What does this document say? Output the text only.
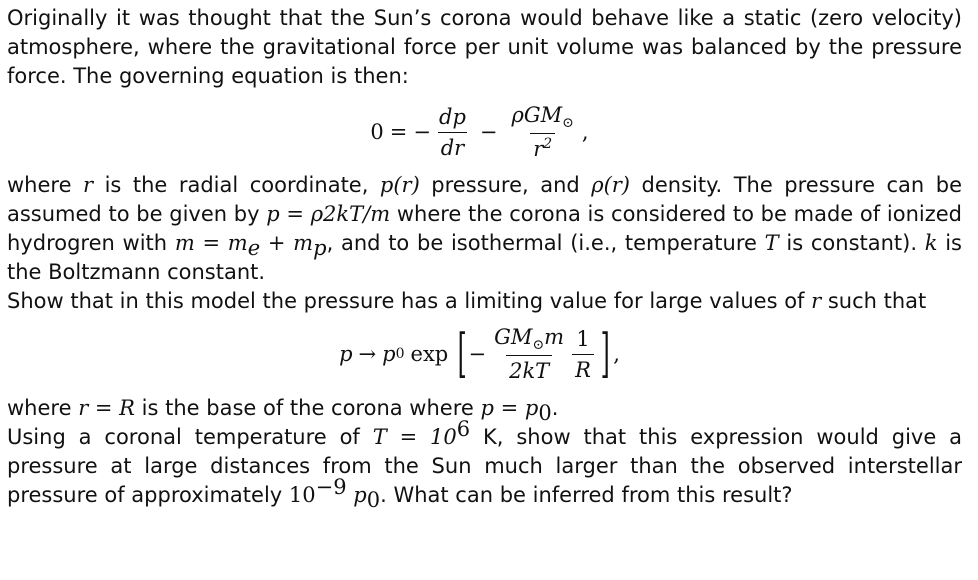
Originally it was thought that the Sun’s corona would behave like a static (zero velocity) atmosphere, where the gravitational force per unit volume was balanced by the pressure force. The governing equation is then:

0 = − $\frac{dp}{dr} - \frac{\rho GM_⊙}{r^2}$ ,

where r is the radial coordinate, p(r) pressure, and ρ(r) density. The pressure can be assumed to be given by p = ρ2kT/m where the corona is considered to be made of ionized hydrogren with $m = m_e + m_p$, and to be isothermal (i.e., temperature T is constant). k is the Boltzmann constant.

Show that in this model the pressure has a limiting value for large values of r such that

p → p 0 exp [ − $\frac{GM_⊙m}{2kT} \frac{1}{R}$ ] ,

where r = R is the base of the corona where $p = p_0$.

Using a coronal temperature of $T = 10^6$ K, show that this expression would give a pressure at large distances from the Sun much larger than the observed interstellar pressure of approximately $10^{-9}$ $p_0$. What can be inferred from this result?
